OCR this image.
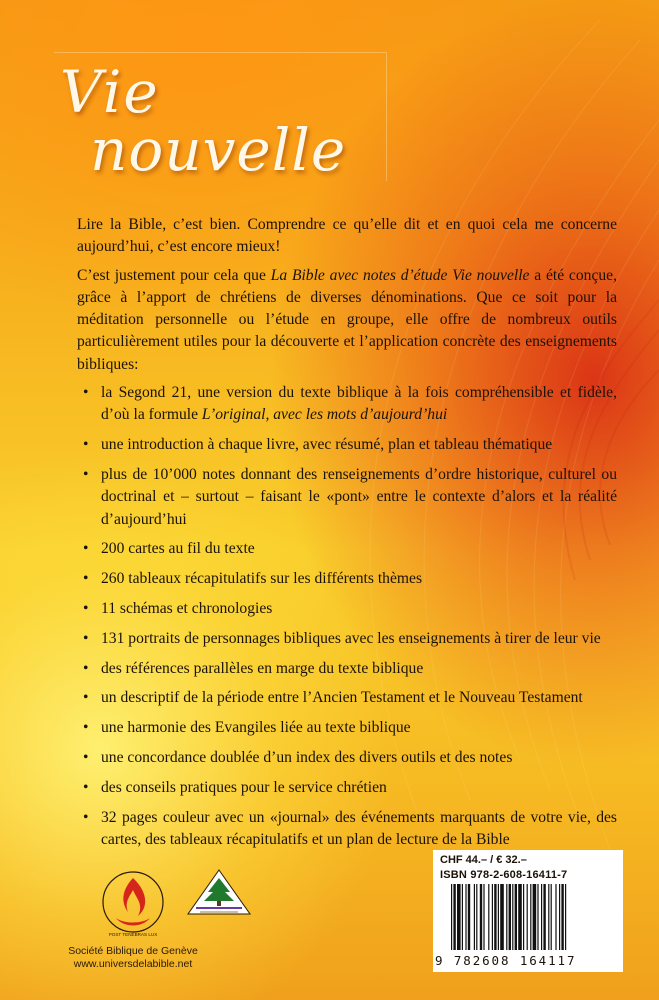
Vie
nouvelle

Lire la Bible, c’est bien. Comprendre ce qu’elle dit et en quoi cela me concerne aujourd’hui, c’est encore mieux!

C’est justement pour cela que La Bible avec notes d’étude Vie nouvelle a été conçue, grâce à l’apport de chrétiens de diverses dénominations. Que ce soit pour la méditation personnelle ou l’étude en groupe, elle offre de nombreux outils particulièrement utiles pour la découverte et l’application concrète des enseignements bibliques:

• la Segond 21, une version du texte biblique à la fois compréhensible et fidèle, d’où la formule L’original, avec les mots d’aujourd’hui
• une introduction à chaque livre, avec résumé, plan et tableau thématique
• plus de 10’000 notes donnant des renseignements d’ordre historique, culturel ou doctrinal et – surtout – faisant le «pont» entre le contexte d’alors et la réalité d’aujourd’hui
• 200 cartes au fil du texte
• 260 tableaux récapitulatifs sur les différents thèmes
• 11 schémas et chronologies
• 131 portraits de personnages bibliques avec les enseignements à tirer de leur vie
• des références parallèles en marge du texte biblique
• un descriptif de la période entre l’Ancien Testament et le Nouveau Testament
• une harmonie des Evangiles liée au texte biblique
• une concordance doublée d’un index des divers outils et des notes
• des conseils pratiques pour le service chrétien
• 32 pages couleur avec un «journal» des événements marquants de votre vie, des cartes, des tableaux récapitulatifs et un plan de lecture de la Bible
POST TENEBRAS LUX
Société Biblique de Genève
www.universdelabible.net
CHF 44.– / € 32.–
ISBN 978-2-608-16411-7
9 782608 164117
